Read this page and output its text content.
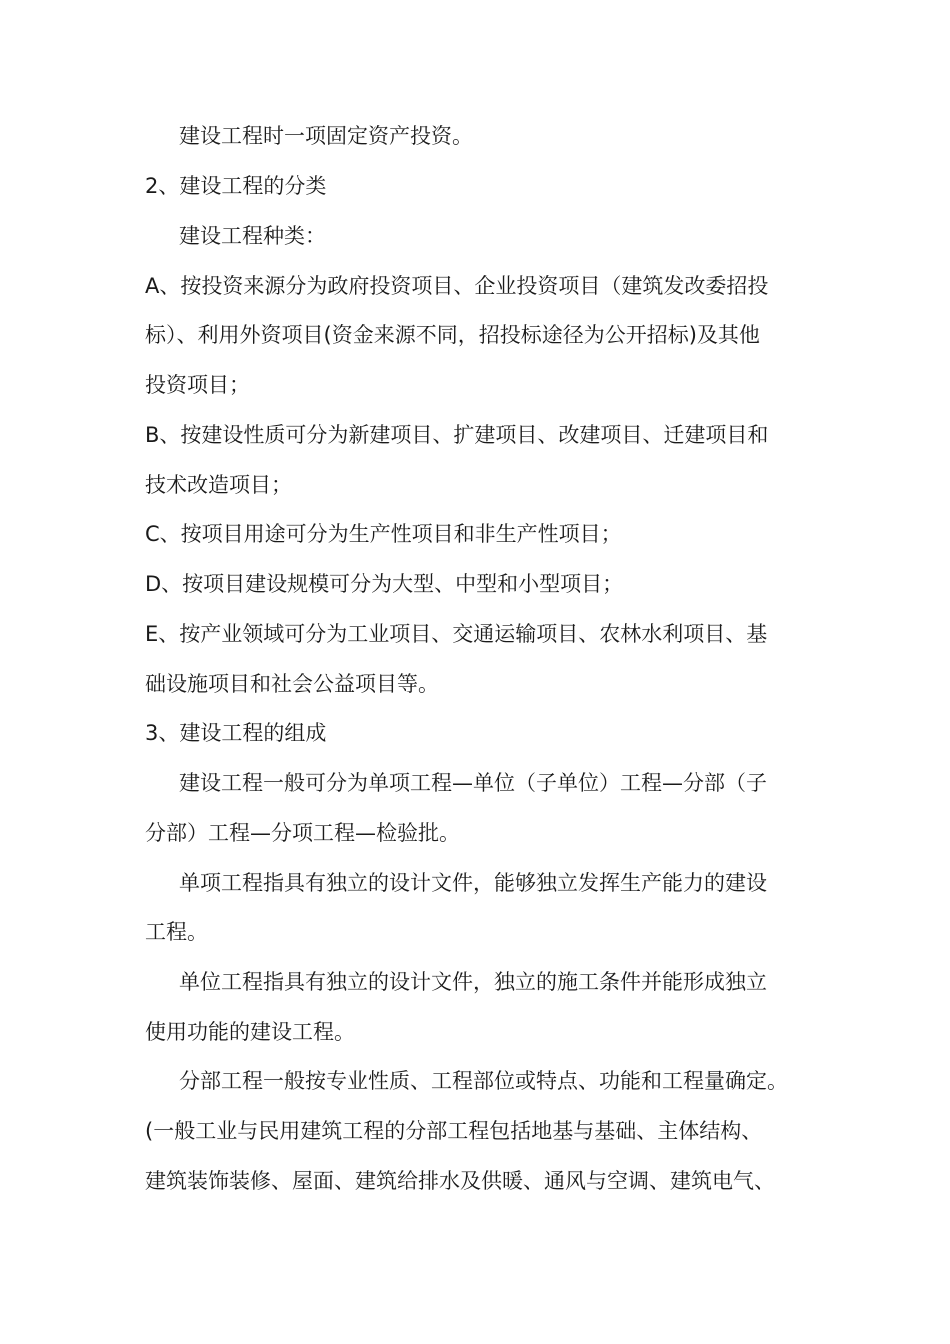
建设工程时一项固定资产投资。

2、建设工程的分类

建设工程种类：

A、按投资来源分为政府投资项目、企业投资项目（建筑发改委招投

标）、利用外资项目(资金来源不同，招投标途径为公开招标)及其他

投资项目；

B、按建设性质可分为新建项目、扩建项目、改建项目、迁建项目和

技术改造项目；

C、按项目用途可分为生产性项目和非生产性项目；

D、按项目建设规模可分为大型、中型和小型项目；

E、按产业领域可分为工业项目、交通运输项目、农林水利项目、基

础设施项目和社会公益项目等。

3、建设工程的组成

建设工程一般可分为单项工程—单位（子单位）工程—分部（子

分部）工程—分项工程—检验批。

单项工程指具有独立的设计文件，能够独立发挥生产能力的建设

工程。

单位工程指具有独立的设计文件，独立的施工条件并能形成独立

使用功能的建设工程。

分部工程一般按专业性质、工程部位或特点、功能和工程量确定。

(一般工业与民用建筑工程的分部工程包括地基与基础、主体结构、

建筑装饰装修、屋面、建筑给排水及供暖、通风与空调、建筑电气、
